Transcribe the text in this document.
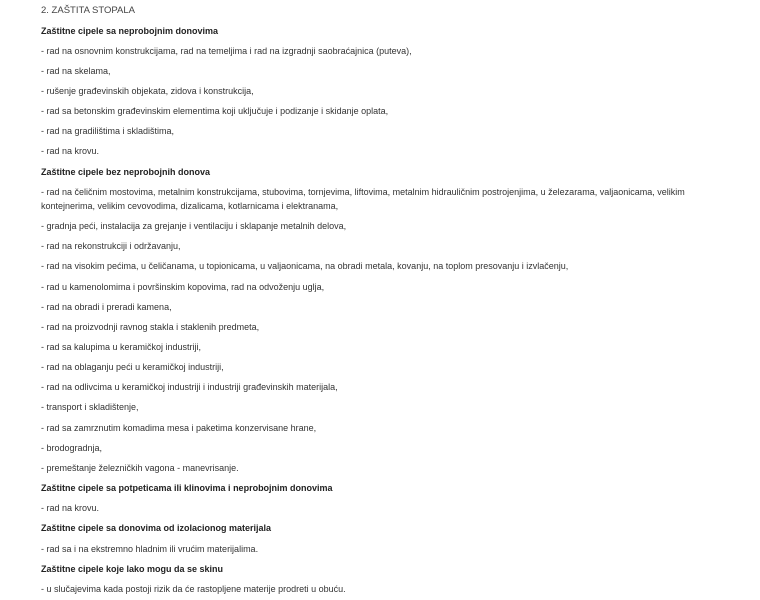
2. ZAŠTITA STOPALA
Zaštitne cipele sa neprobojnim donovima
- rad na osnovnim konstrukcijama, rad na temeljima i rad na izgradnji saobraćajnica (puteva),
- rad na skelama,
- rušenje građevinskih objekata, zidova i konstrukcija,
- rad sa betonskim građevinskim elementima koji uključuje i podizanje i skidanje oplata,
- rad na gradilištima i skladištima,
- rad na krovu.
Zaštitne cipele bez neprobojnih donova
- rad na čeličnim mostovima, metalnim konstrukcijama, stubovima, tornjevima, liftovima, metalnim hidrauličnim postrojenjima, u železarama, valjaonicama, velikim kontejnerima, velikim cevovodima, dizalicama, kotlarnicama i elektranama,
- gradnja peći, instalacija za grejanje i ventilaciju i sklapanje metalnih delova,
- rad na rekonstrukciji i održavanju,
- rad na visokim pećima, u čeličanama, u topionicama, u valjaonicama, na obradi metala, kovanju, na toplom presovanju i izvlačenju,
- rad u kamenolomima i površinskim kopovima, rad na odvoženju uglja,
- rad na obradi i preradi kamena,
- rad na proizvodnji ravnog stakla i staklenih predmeta,
- rad sa kalupima u keramičkoj industriji,
- rad na oblaganju peći u keramičkoj industriji,
- rad na odlivcima u keramičkoj industriji i industriji građevinskih materijala,
- transport i skladištenje,
- rad sa zamrznutim komadima mesa i paketima konzervisane hrane,
- brodogradnja,
- premeštanje železničkih vagona - manevrisanje.
Zaštitne cipele sa potpeticama ili klinovima i neprobojnim donovima
- rad na krovu.
Zaštitne cipele sa donovima od izolacionog materijala
- rad sa i na ekstremno hladnim ili vrućim materijalima.
Zaštitne cipele koje lako mogu da se skinu
- u slučajevima kada postoji rizik da će rastopljene materije prodreti u obuću.
